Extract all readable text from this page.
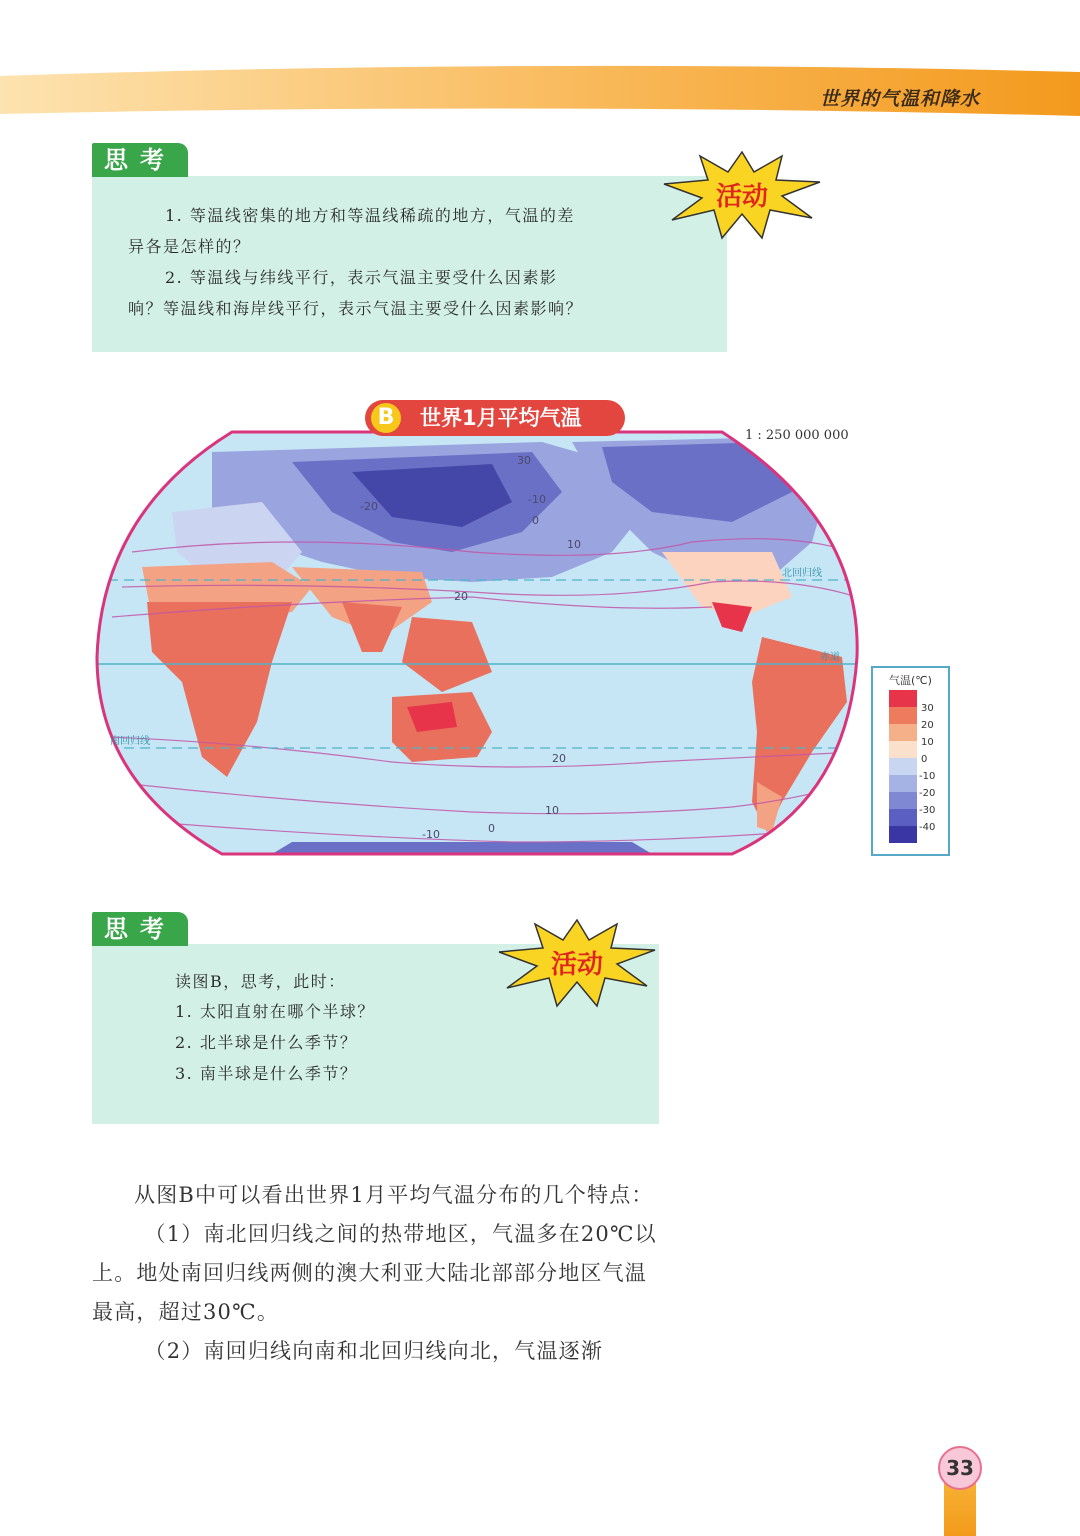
世界的气温和降水
思考
1. 等温线密集的地方和等温线稀疏的地方，气温的差
异各是怎样的？
2. 等温线与纬线平行，表示气温主要受什么因素影
响？等温线和海岸线平行，表示气温主要受什么因素影响？
活动
30
-20
-10
0
10
20
20
10
0
-10
北回归线
赤道
南回归线
B	世界1月平均气温
1 : 250 000 000
气温(℃)
30
20
10
0
-10
-20
-30
-40
思考
读图B，思考，此时：
1. 太阳直射在哪个半球？
2. 北半球是什么季节？
3. 南半球是什么季节？
活动

从图B中可以看出世界1月平均气温分布的几个特点：

（1）南北回归线之间的热带地区，气温多在20℃以上。地处南回归线两侧的澳大利亚大陆北部部分地区气温最高，超过30℃。

（2）南回归线向南和北回归线向北，气温逐渐

33
